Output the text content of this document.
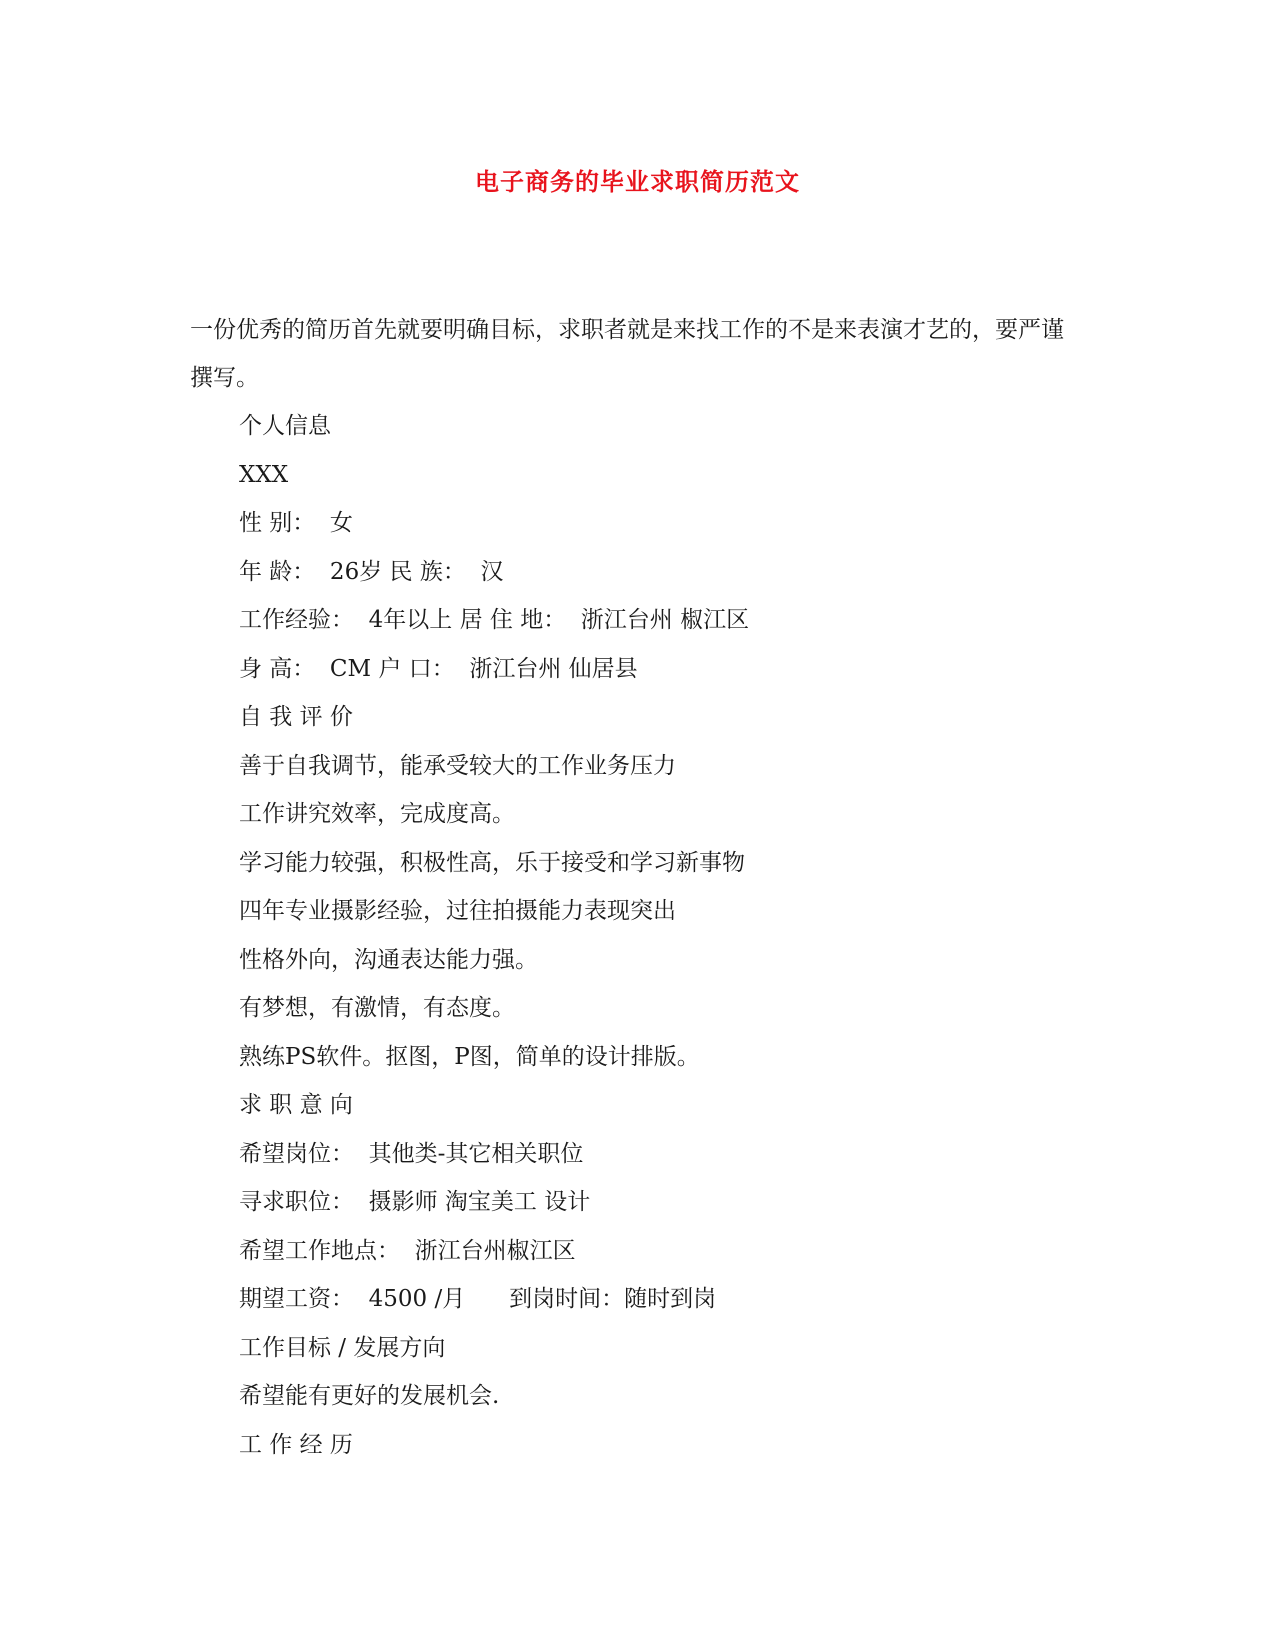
电子商务的毕业求职简历范文

一份优秀的简历首先就要明确目标，求职者就是来找工作的不是来表演才艺的，要严谨撰写。

个人信息
XXX
性 别：  女
年 龄：  26岁 民 族：  汉
工作经验：  4年以上 居 住 地：  浙江台州 椒江区
身 高：  CM 户 口：  浙江台州 仙居县
自 我 评 价
善于自我调节，能承受较大的工作业务压力
工作讲究效率，完成度高。
学习能力较强，积极性高，乐于接受和学习新事物
四年专业摄影经验，过往拍摄能力表现突出
性格外向，沟通表达能力强。
有梦想，有激情，有态度。
熟练PS软件。抠图，P图，简单的设计排版。
求 职 意 向
希望岗位：  其他类-其它相关职位
寻求职位：  摄影师 淘宝美工 设计
希望工作地点：  浙江台州椒江区
期望工资：  4500 /月      到岗时间：随时到岗
工作目标 / 发展方向
希望能有更好的发展机会.
工 作 经 历
